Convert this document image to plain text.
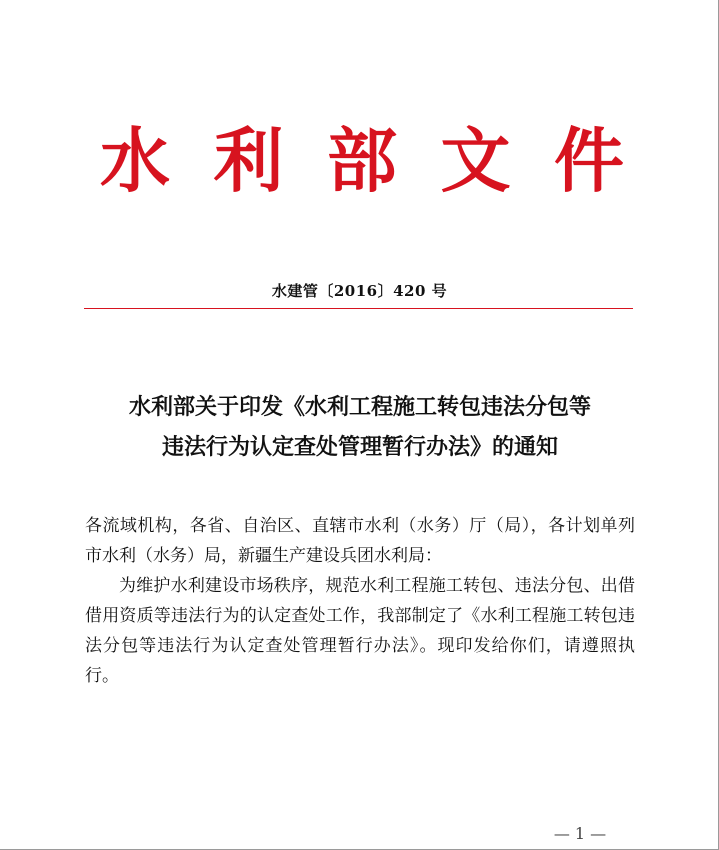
水 利 部 文 件
水建管〔2016〕420 号
水利部关于印发《水利工程施工转包违法分包等
违法行为认定查处管理暂行办法》的通知

各流域机构，各省、自治区、直辖市水利（水务）厅（局），各计划单列市水利（水务）局，新疆生产建设兵团水利局：

为维护水利建设市场秩序，规范水利工程施工转包、违法分包、出借借用资质等违法行为的认定查处工作，我部制定了《水利工程施工转包违法分包等违法行为认定查处管理暂行办法》。现印发给你们，请遵照执行。

— 1 —
